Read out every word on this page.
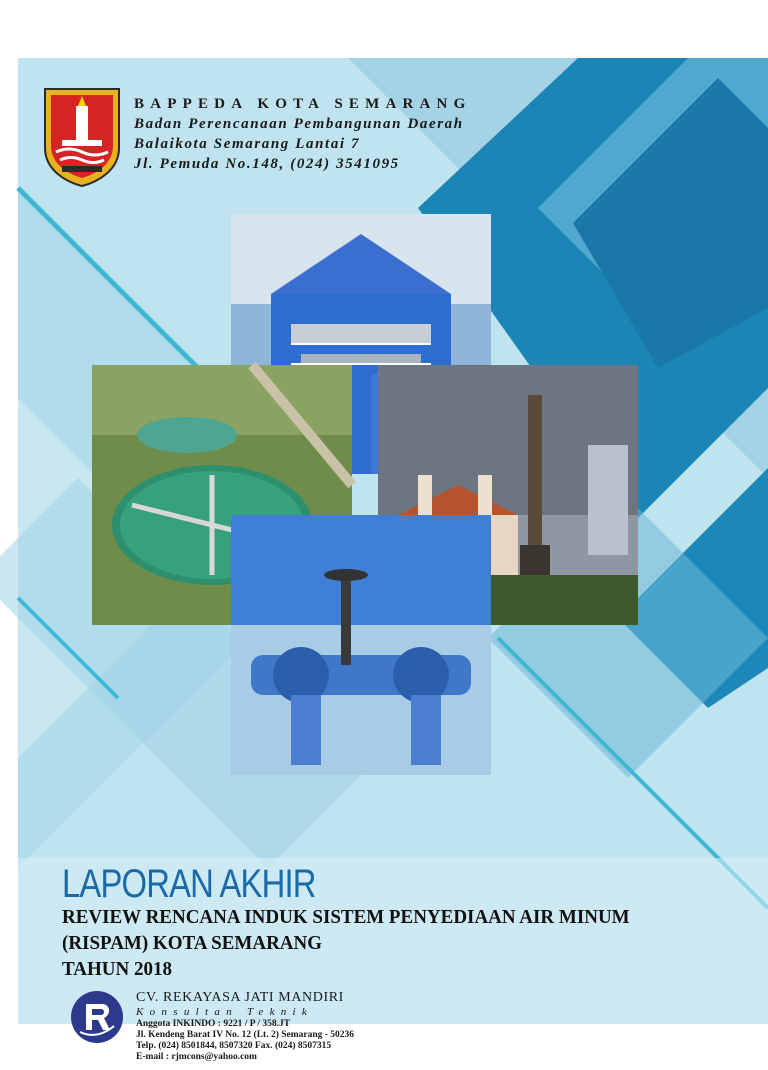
BAPPEDA KOTA SEMARANG
Badan Perencanaan Pembangunan Daerah
Balaikota Semarang Lantai 7
Jl. Pemuda No.148, (024) 3541095
LAPORAN AKHIR
REVIEW RENCANA INDUK SISTEM PENYEDIAAN AIR MINUM
(RISPAM) KOTA SEMARANG
TAHUN 2018
CV. REKAYASA JATI MANDIRI
Konsultan Teknik
Anggota INKINDO : 9221 / P / 358.JT
Jl. Kendeng Barat IV No. 12 (Lt. 2) Semarang - 50236
Telp. (024) 8501844, 8507320 Fax. (024) 8507315
E-mail : rjmcons@yahoo.com
